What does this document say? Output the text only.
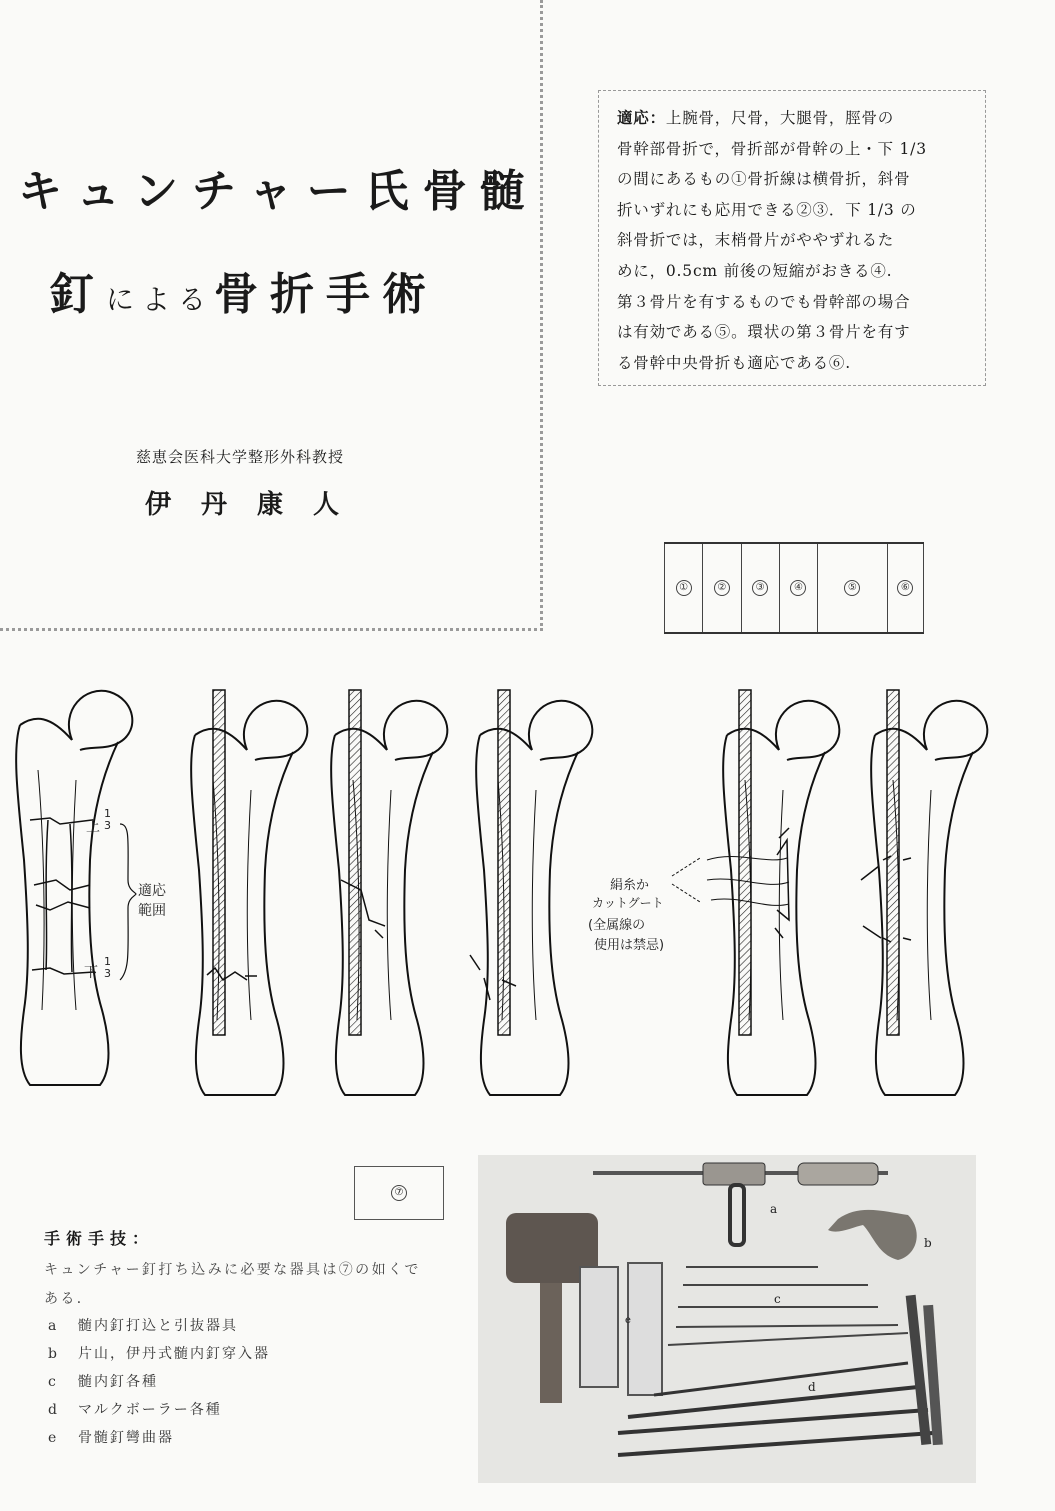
キュンチャー氏骨髄
釘による骨折手術
慈恵会医科大学整形外科教授
伊丹康人
適応：上腕骨，尺骨，大腿骨，脛骨の
骨幹部骨折で，骨折部が骨幹の上・下 1/3
の間にあるもの①骨折線は横骨折，斜骨
折いずれにも応用できる②③．下 1/3 の
斜骨折では，末梢骨片がややずれるた
めに，0.5cm 前後の短縮がおきる④.
第３骨片を有するものでも骨幹部の場合
は有効である⑤。環状の第３骨片を有す
る骨幹中央骨折も適応である⑥.
①	②	③	④	⑤	⑥
上
1
3
下
1
3
適応
範囲
絹糸か
カットグート
(全属線の
使用は禁忌)
⑦
手術手技：
キュンチャー釘打ち込みに必要な器具は⑦の如くである．
a 髄内釘打込と引抜器具
b 片山，伊丹式髄内釘穿入器
c 髄内釘各種
d マルクボーラー各種
e 骨髄釘彎曲器
a
b
c
d
e
